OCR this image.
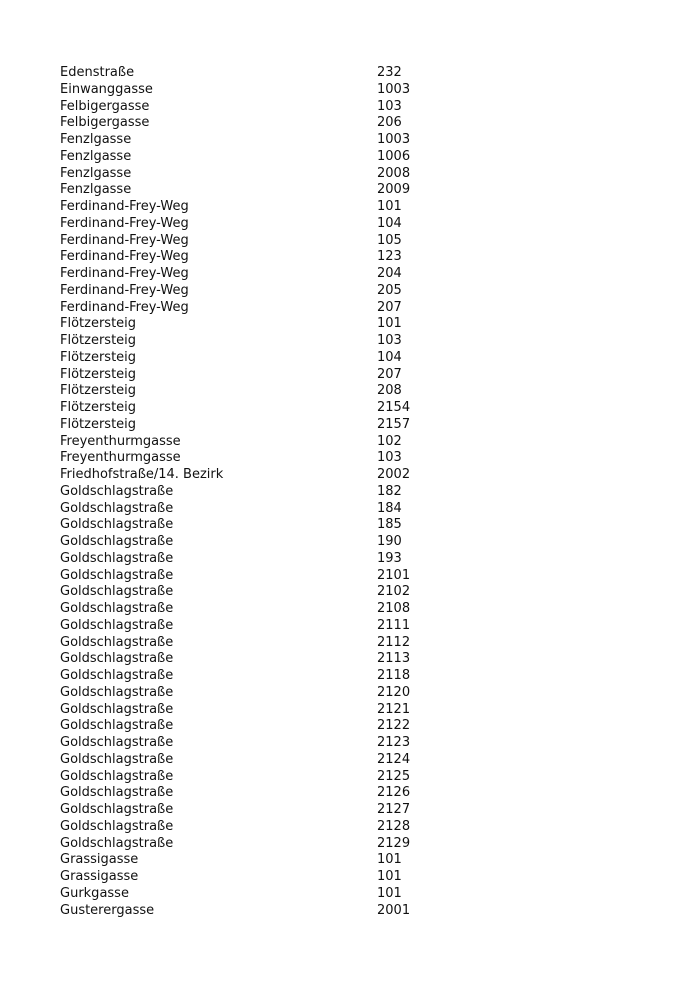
Edenstraße	232
Einwanggasse	1003
Felbigergasse	103
Felbigergasse	206
Fenzlgasse	1003
Fenzlgasse	1006
Fenzlgasse	2008
Fenzlgasse	2009
Ferdinand-Frey-Weg	101
Ferdinand-Frey-Weg	104
Ferdinand-Frey-Weg	105
Ferdinand-Frey-Weg	123
Ferdinand-Frey-Weg	204
Ferdinand-Frey-Weg	205
Ferdinand-Frey-Weg	207
Flötzersteig	101
Flötzersteig	103
Flötzersteig	104
Flötzersteig	207
Flötzersteig	208
Flötzersteig	2154
Flötzersteig	2157
Freyenthurmgasse	102
Freyenthurmgasse	103
Friedhofstraße/14. Bezirk	2002
Goldschlagstraße	182
Goldschlagstraße	184
Goldschlagstraße	185
Goldschlagstraße	190
Goldschlagstraße	193
Goldschlagstraße	2101
Goldschlagstraße	2102
Goldschlagstraße	2108
Goldschlagstraße	2111
Goldschlagstraße	2112
Goldschlagstraße	2113
Goldschlagstraße	2118
Goldschlagstraße	2120
Goldschlagstraße	2121
Goldschlagstraße	2122
Goldschlagstraße	2123
Goldschlagstraße	2124
Goldschlagstraße	2125
Goldschlagstraße	2126
Goldschlagstraße	2127
Goldschlagstraße	2128
Goldschlagstraße	2129
Grassigasse	101
Grassigasse	101
Gurkgasse	101
Gusterergasse	2001
